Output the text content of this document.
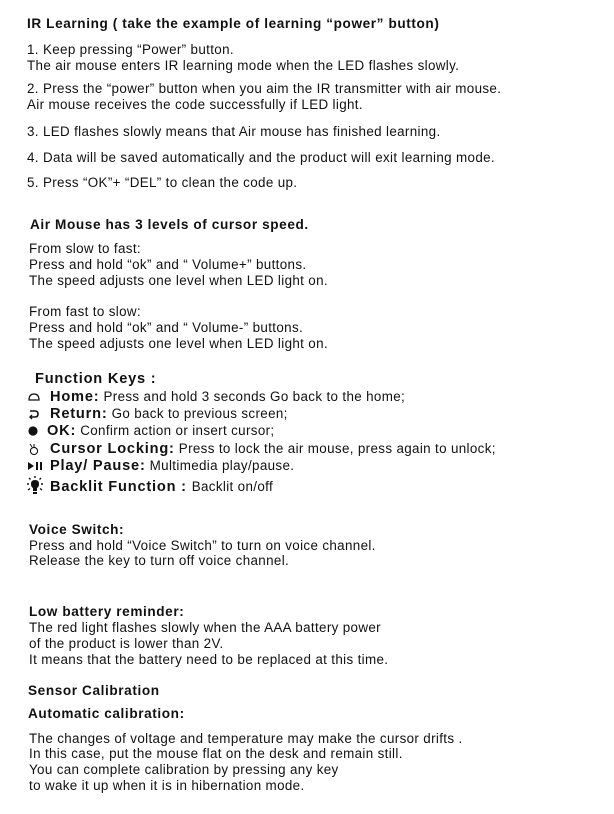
IR Learning ( take the example of learning “power” button)
1. Keep pressing “Power” button.
The air mouse enters IR learning mode when the LED flashes slowly.
2. Press the “power” button when you aim the IR transmitter with air mouse.
Air mouse receives the code successfully if LED light.
3. LED flashes slowly means that Air mouse has finished learning.
4. Data will be saved automatically and the product will exit learning mode.
5. Press “OK”+ “DEL” to clean the code up.
Air Mouse has 3 levels of cursor speed.
From slow to fast:
Press and hold “ok” and “ Volume+” buttons.
The speed adjusts one level when LED light on.
From fast to slow:
Press and hold “ok” and “ Volume-” buttons.
The speed adjusts one level when LED light on.
Function Keys :
Home: Press and hold 3 seconds Go back to the home;
Return: Go back to previous screen;
OK: Confirm action or insert cursor;
Cursor Locking: Press to lock the air mouse, press again to unlock;
Play/ Pause: Multimedia play/pause.
Backlit Function : Backlit on/off
Voice Switch:
Press and hold “Voice Switch” to turn on voice channel.
Release the key to turn off voice channel.
Low battery reminder:
The red light flashes slowly when the AAA battery power
of the product is lower than 2V.
It means that the battery need to be replaced at this time.
Sensor Calibration
Automatic calibration:
The changes of voltage and temperature may make the cursor drifts .
In this case, put the mouse flat on the desk and remain still.
You can complete calibration by pressing any key
to wake it up when it is in hibernation mode.
